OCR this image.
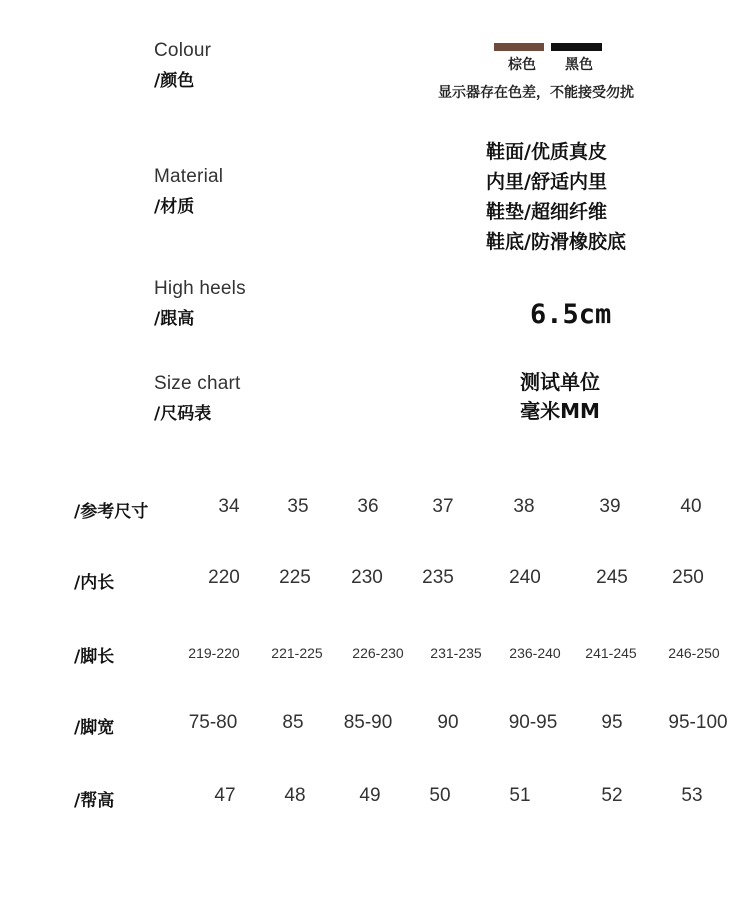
Colour
/颜色
棕色	黑色
显示器存在色差，不能接受勿扰
Material
/材质
鞋面/优质真皮
内里/舒适内里
鞋垫/超细纤维
鞋底/防滑橡胶底
High heels
/跟高	6.5cm
Size chart
/尺码表
测试单位
毫米MM
/参考尺寸	34	35	36	37	38	39	40
/内长	220 225 230 235	240	245 250
/脚长	219-220 221-225 226-230 231-235 236-240 241-245 246-250
/脚宽	75-80 85 85-90 90	90-95 95 95-100
/帮高	47	48	49	50	51	52	53
